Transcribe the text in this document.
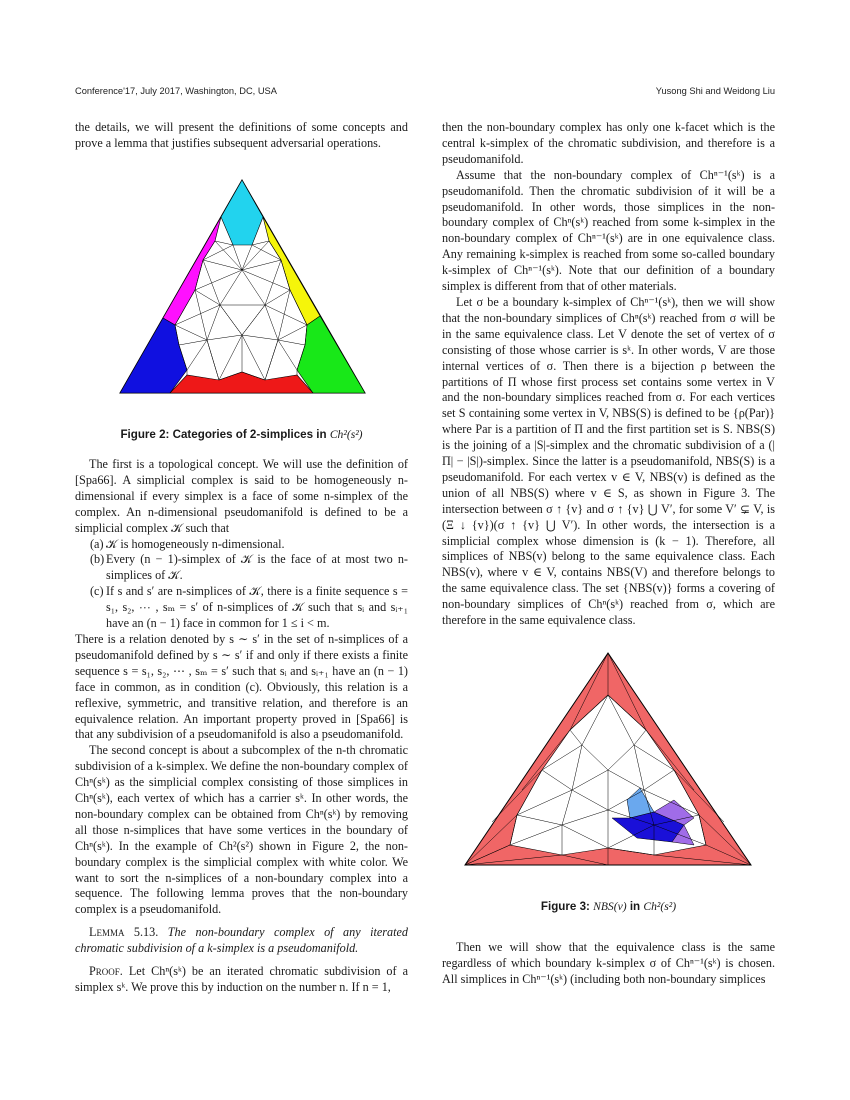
Conference'17, July 2017, Washington, DC, USA	Yusong Shi and Weidong Liu

the details, we will present the definitions of some concepts and prove a lemma that justifies subsequent adversarial operations.

Figure 2: Categories of 2-simplices in Ch²(s²)

The first is a topological concept. We will use the definition of [Spa66]. A simplicial complex is said to be homogeneously n-dimensional if every simplex is a face of some n-simplex of the complex. An n-dimensional pseudomanifold is defined to be a simplicial complex 𝒦 such that

(a) 𝒦 is homogeneously n-dimensional.
(b) Every (n − 1)-simplex of 𝒦 is the face of at most two n-simplices of 𝒦.
(c) If s and s′ are n-simplices of 𝒦, there is a finite sequence s = s₁, s₂, ⋯ , sₘ = s′ of n-simplices of 𝒦 such that sᵢ and sᵢ₊₁ have an (n − 1) face in common for 1 ≤ i < m.

There is a relation denoted by s ∼ s′ in the set of n-simplices of a pseudomanifold defined by s ∼ s′ if and only if there exists a finite sequence s = s₁, s₂, ⋯ , sₘ = s′ such that sᵢ and sᵢ₊₁ have an (n − 1) face in common, as in condition (c). Obviously, this relation is a reflexive, symmetric, and transitive relation, and therefore is an equivalence relation. An important property proved in [Spa66] is that any subdivision of a pseudomanifold is also a pseudomanifold.

The second concept is about a subcomplex of the n-th chromatic subdivision of a k-simplex. We define the non-boundary complex of Chⁿ(sᵏ) as the simplicial complex consisting of those simplices in Chⁿ(sᵏ), each vertex of which has a carrier sᵏ. In other words, the non-boundary complex can be obtained from Chⁿ(sᵏ) by removing all those n-simplices that have some vertices in the boundary of Chⁿ(sᵏ). In the example of Ch²(s²) shown in Figure 2, the non-boundary complex is the simplicial complex with white color. We want to sort the n-simplices of a non-boundary complex into a sequence. The following lemma proves that the non-boundary complex is a pseudomanifold.

Lemma 5.13. The non-boundary complex of any iterated chromatic subdivision of a k-simplex is a pseudomanifold.

Proof. Let Chⁿ(sᵏ) be an iterated chromatic subdivision of a simplex sᵏ. We prove this by induction on the number n. If n = 1,

then the non-boundary complex has only one k-facet which is the central k-simplex of the chromatic subdivision, and therefore is a pseudomanifold.

Assume that the non-boundary complex of Chⁿ⁻¹(sᵏ) is a pseudomanifold. Then the chromatic subdivision of it will be a pseudomanifold. In other words, those simplices in the non-boundary complex of Chⁿ(sᵏ) reached from some k-simplex in the non-boundary complex of Chⁿ⁻¹(sᵏ) are in one equivalence class. Any remaining k-simplex is reached from some so-called boundary k-simplex of Chⁿ⁻¹(sᵏ). Note that our definition of a boundary simplex is different from that of other materials.

Let σ be a boundary k-simplex of Chⁿ⁻¹(sᵏ), then we will show that the non-boundary simplices of Chⁿ(sᵏ) reached from σ will be in the same equivalence class. Let V denote the set of vertex of σ consisting of those whose carrier is sᵏ. In other words, V are those internal vertices of σ. Then there is a bijection ρ between the partitions of Π whose first process set contains some vertex in V and the non-boundary simplices reached from σ. For each vertices set S containing some vertex in V, NBS(S) is defined to be {ρ(Par)} where Par is a partition of Π and the first partition set is S. NBS(S) is the joining of a |S|-simplex and the chromatic subdivision of a (|Π| − |S|)-simplex. Since the latter is a pseudomanifold, NBS(S) is a pseudomanifold. For each vertex v ∈ V, NBS(v) is defined as the union of all NBS(S) where v ∈ S, as shown in Figure 3. The intersection between σ ↑ {v} and σ ↑ {v} ⋃ V′, for some V′ ⊊ V, is (Ξ ↓ {v})(σ ↑ {v} ⋃ V′). In other words, the intersection is a simplicial complex whose dimension is (k − 1). Therefore, all simplices of NBS(v) belong to the same equivalence class. Each NBS(v), where v ∈ V, contains NBS(V) and therefore belongs to the same equivalence class. The set {NBS(v)} forms a covering of non-boundary simplices of Chⁿ(sᵏ) reached from σ, which are therefore in the same equivalence class.

Figure 3: NBS(v) in Ch²(s²)

Then we will show that the equivalence class is the same regardless of which boundary k-simplex σ of Chⁿ⁻¹(sᵏ) is chosen. All simplices in Chⁿ⁻¹(sᵏ) (including both non-boundary simplices
